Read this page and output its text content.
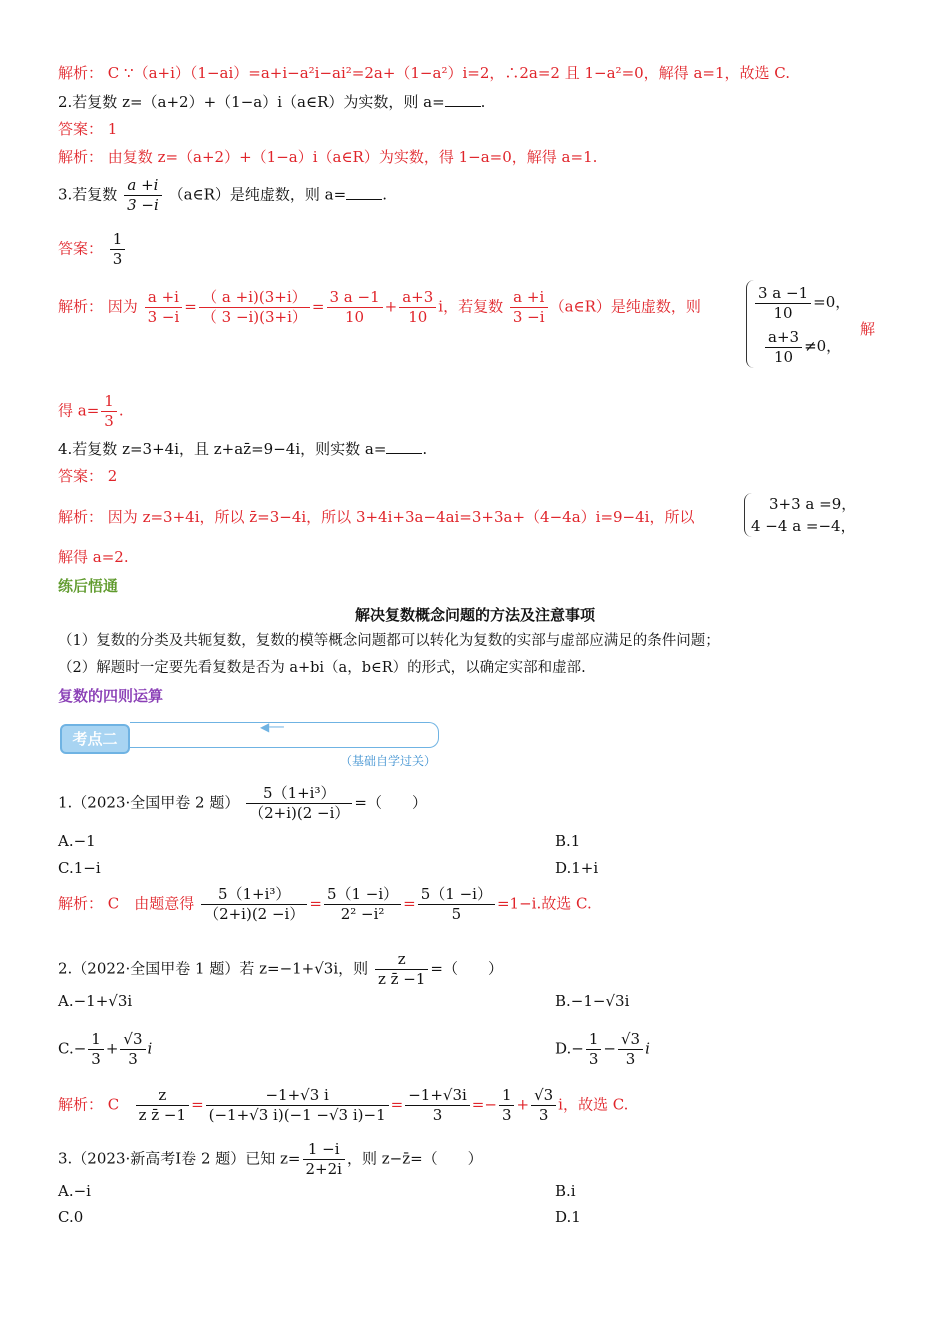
解析： C ∵（a+i）（1−ai）=a+i−a²i−ai²=2a+（1−a²）i=2，∴2a=2 且 1−a²=0，解得 a=1，故选 C.
2.若复数 z=（a+2）+（1−a）i（a∈R）为实数，则 a= .
答案： 1
解析： 由复数 z=（a+2）+（1−a）i（a∈R）为实数，得 1−a=0，解得 a=1.
3.若复数 $\frac{a +i}{3 -i}$ （a∈R）是纯虚数，则 a= .
答案： $\frac{1}{3}$
解析： 因为 $\frac{a +i}{3 -i} = \frac{( a +i)(3+i)}{( 3 -i)(3+i)} = \frac{3 a -1}{10} + \frac{a+3}{10}$ i，若复数 $\frac{a +i}{3 -i}$ （a∈R）是纯虚数，则	$\frac{3 a -1}{10} =0$，
$\frac{a+3}{10} \ne 0$，
解
得 $a= \frac{1}{3}$ .
4.若复数 z=3+4i，且 z+az̄=9−4i，则实数 a= .
答案： 2
解析： 因为 z=3+4i，所以 z̄=3−4i，所以 3+4i+3a−4ai=3+3a+（4−4a）i=9−4i，所以
3+3 a =9，
4 −4 a =−4，
解得 a=2.
练后悟通
解决复数概念问题的方法及注意事项
（1）复数的分类及共轭复数，复数的模等概念问题都可以转化为复数的实部与虚部应满足的条件问题；
（2）解题时一定要先看复数是否为 a+bi（a，b∈R）的形式，以确定实部和虚部.
复数的四则运算
◀──
考点二
（基础自学过关）
1.（2023·全国甲卷 2 题） $\frac{\text{5（1+i³）}}{(2+i)(2 -i)}$ =（　　）
A.−1	B.1
C.1−i	D.1+i
解析： C　由题意得 $\frac{\text{5（1+i³）}}{(2+i)(2 -i)} = \frac{5(1 -i)}{\text{2² −i²}} = \frac{5(1 -i)}{5} =1-i$.故选 C.
2.（2022·全国甲卷 1 题）若 z=−1+√3i，则 $\frac{z}{\text{z z̄ −1}}$ =（　　）
A.−1+√3i	B.−1−√3i
$C.- \frac{1}{3} + \frac{√3}{3}$ i	$D.- \frac{1}{3} - \frac{√3}{3}$ i
解析： C $\frac{z}{\text{z z̄ −1}} = \frac{-1+√3 i}{(-1+√3 i)(-1 -√3 i)-1} = \frac{-1+√3i}{3} =- \frac{1}{3} + \frac{√3}{3}$ i，故选 C.
3.（2023·新高考Ⅰ卷 2 题）已知 $z= \frac{1 -i}{2+2i}$ ，则 z−z̄=（　　）
A.−i	B.i
C.0	D.1
